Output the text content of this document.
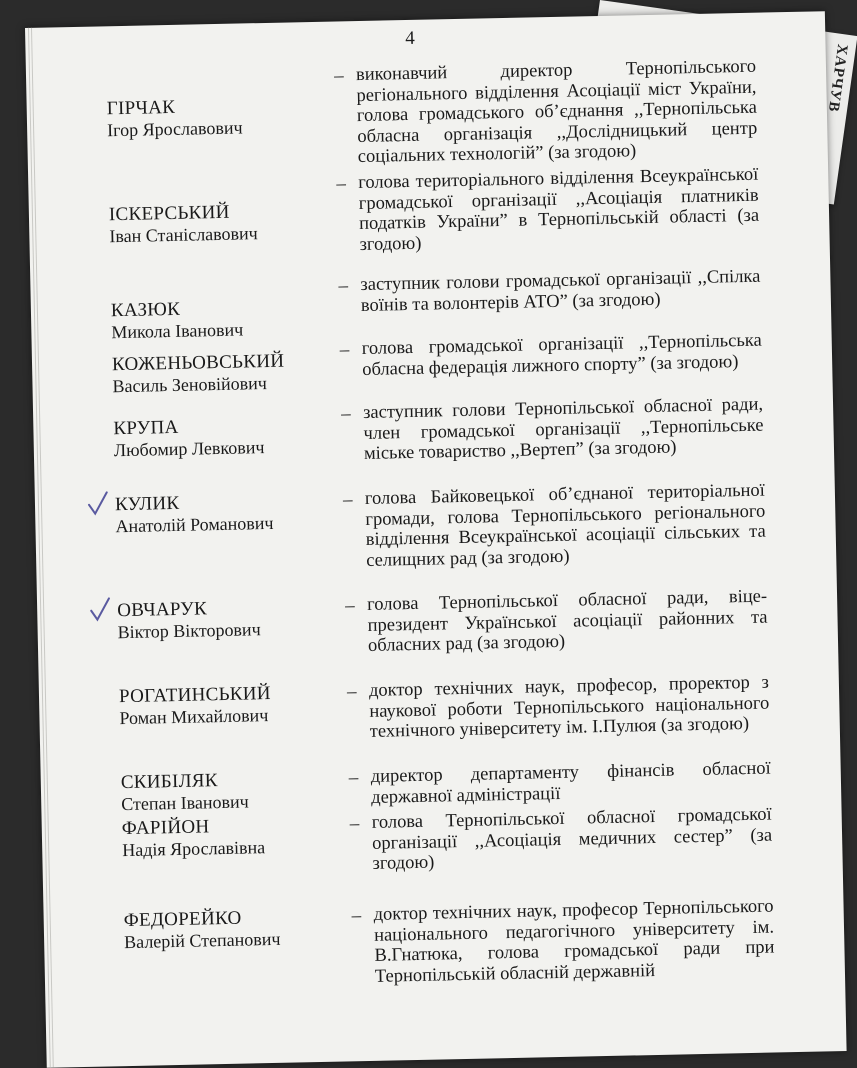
ХАРЧУВ
4
ГІРЧАК
Ігор Ярославович
– виконавчий директор Тернопільського регіонального відділення Асоціації міст України, голова громадського об’єднання ,,Тернопільська обласна організація ,,Дослідницький центр соціальних технологій” (за згодою)
ІСКЕРСЬКИЙ
Іван Станіславович
– голова територіального відділення Всеукраїнської громадської організації ,,Асоціація платників податків України” в Тернопільській області (за згодою)
КАЗЮК
Микола Іванович
– заступник голови громадської організації ,,Спілка воїнів та волонтерів АТО” (за згодою)
КОЖЕНЬОВСЬКИЙ
Василь Зеновійович
– голова громадської організації ,,Тернопільська обласна федерація лижного спорту” (за згодою)
КРУПА
Любомир Левкович
– заступник голови Тернопільської обласної ради, член громадської організації ,,Тернопільське міське товариство ,,Вертеп” (за згодою)
КУЛИК
Анатолій Романович
– голова Байковецької об’єднаної територіальної громади, голова Тернопільського регіонального відділення Всеукраїнської асоціації сільських та селищних рад (за згодою)
ОВЧАРУК
Віктор Вікторович
– голова Тернопільської обласної ради, віце-президент Української асоціації районних та обласних рад (за згодою)
РОГАТИНСЬКИЙ
Роман Михайлович
– доктор технічних наук, професор, проректор з наукової роботи Тернопільського національного технічного університету ім. І.Пулюя (за згодою)
СКИБІЛЯК
Степан Іванович
– директор департаменту фінансів обласної державної адміністрації
ФАРІЙОН
Надія Ярославівна
– голова Тернопільської обласної громадської організації ,,Асоціація медичних сестер” (за згодою)
ФЕДОРЕЙКО
Валерій Степанович
– доктор технічних наук, професор Тернопільського національного педагогічного університету ім. В.Гнатюка, голова громадської ради при Тернопільській обласній державній
